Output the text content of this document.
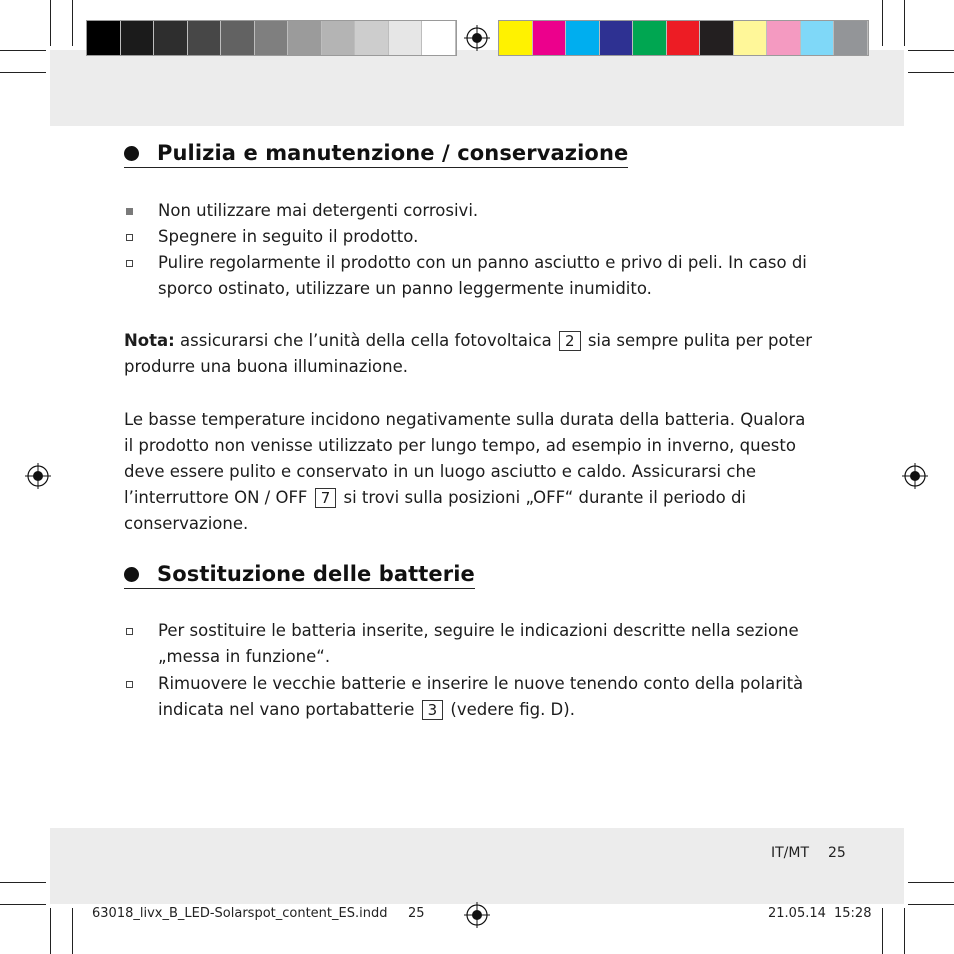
Pulizia e manutenzione / conservazione
Non utilizzare mai detergenti corrosivi.
Spegnere in seguito il prodotto.
Pulire regolarmente il prodotto con un panno asciutto e privo di peli. In caso di sporco ostinato, utilizzare un panno leggermente inumidito.
Nota: assicurarsi che l’unità della cella fotovoltaica 2 sia sempre pulita per poter produrre una buona illuminazione.
Le basse temperature incidono negativamente sulla durata della batteria. Qualora il prodotto non venisse utilizzato per lungo tempo, ad esempio in inverno, questo deve essere pulito e conservato in un luogo asciutto e caldo. Assicurarsi che l’interruttore ON / OFF 7 si trovi sulla posizioni „OFF“ durante il periodo di conservazione.
Sostituzione delle batterie
Per sostituire le batteria inserite, seguire le indicazioni descritte nella sezione „messa in funzione“.
Rimuovere le vecchie batterie e inserire le nuove tenendo conto della polarità indicata nel vano portabatterie 3 (vedere fig. D).
IT/MT 25
63018_livx_B_LED-Solarspot_content_ES.indd 25	21.05.14 15:28
